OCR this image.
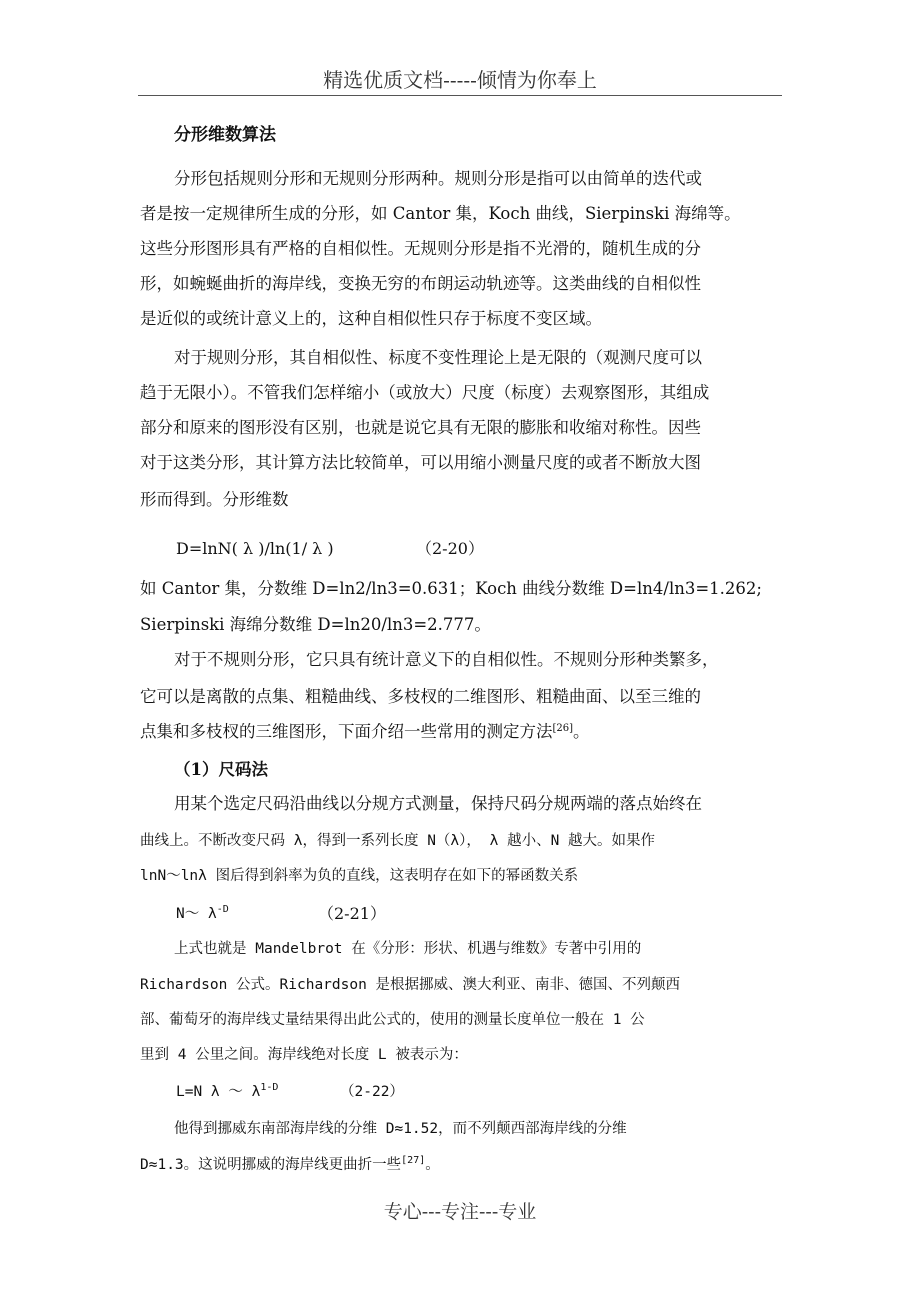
精选优质文档-----倾情为你奉上
分形维数算法
分形包括规则分形和无规则分形两种。规则分形是指可以由简单的迭代或
者是按一定规律所生成的分形，如 Cantor 集，Koch 曲线，Sierpinski 海绵等。
这些分形图形具有严格的自相似性。无规则分形是指不光滑的，随机生成的分
形，如蜿蜒曲折的海岸线，变换无穷的布朗运动轨迹等。这类曲线的自相似性
是近似的或统计意义上的，这种自相似性只存于标度不变区域。
对于规则分形，其自相似性、标度不变性理论上是无限的（观测尺度可以
趋于无限小）。不管我们怎样缩小（或放大）尺度（标度）去观察图形，其组成
部分和原来的图形没有区别，也就是说它具有无限的膨胀和收缩对称性。因些
对于这类分形，其计算方法比较简单，可以用缩小测量尺度的或者不断放大图
形而得到。分形维数
D=lnN( λ )/ln(1/ λ )	（2-20）
如 Cantor 集，分数维 D=ln2/ln3=0.631；Koch 曲线分数维 D=ln4/ln3=1.262;
Sierpinski 海绵分数维 D=ln20/ln3=2.777。
对于不规则分形，它只具有统计意义下的自相似性。不规则分形种类繁多，
它可以是离散的点集、粗糙曲线、多枝杈的二维图形、粗糙曲面、以至三维的
点集和多枝杈的三维图形，下面介绍一些常用的测定方法[26]。
（1）尺码法
用某个选定尺码沿曲线以分规方式测量，保持尺码分规两端的落点始终在
曲线上。不断改变尺码 λ，得到一系列长度 N（λ）， λ 越小、N 越大。如果作
lnN～lnλ 图后得到斜率为负的直线，这表明存在如下的幂函数关系
N～ $\lambda^{-D}$	（2-21）
上式也就是 Mandelbrot 在《分形：形状、机遇与维数》专著中引用的
Richardson 公式。Richardson 是根据挪威、澳大利亚、南非、德国、不列颠西
部、葡萄牙的海岸线丈量结果得出此公式的，使用的测量长度单位一般在 1 公
里到 4 公里之间。海岸线绝对长度 L 被表示为：
L=N λ ～ $\lambda^{1-D}$	（2-22）
他得到挪威东南部海岸线的分维 D≈1.52，而不列颠西部海岸线的分维
D≈1.3。这说明挪威的海岸线更曲折一些[27]。
专心---专注---专业
